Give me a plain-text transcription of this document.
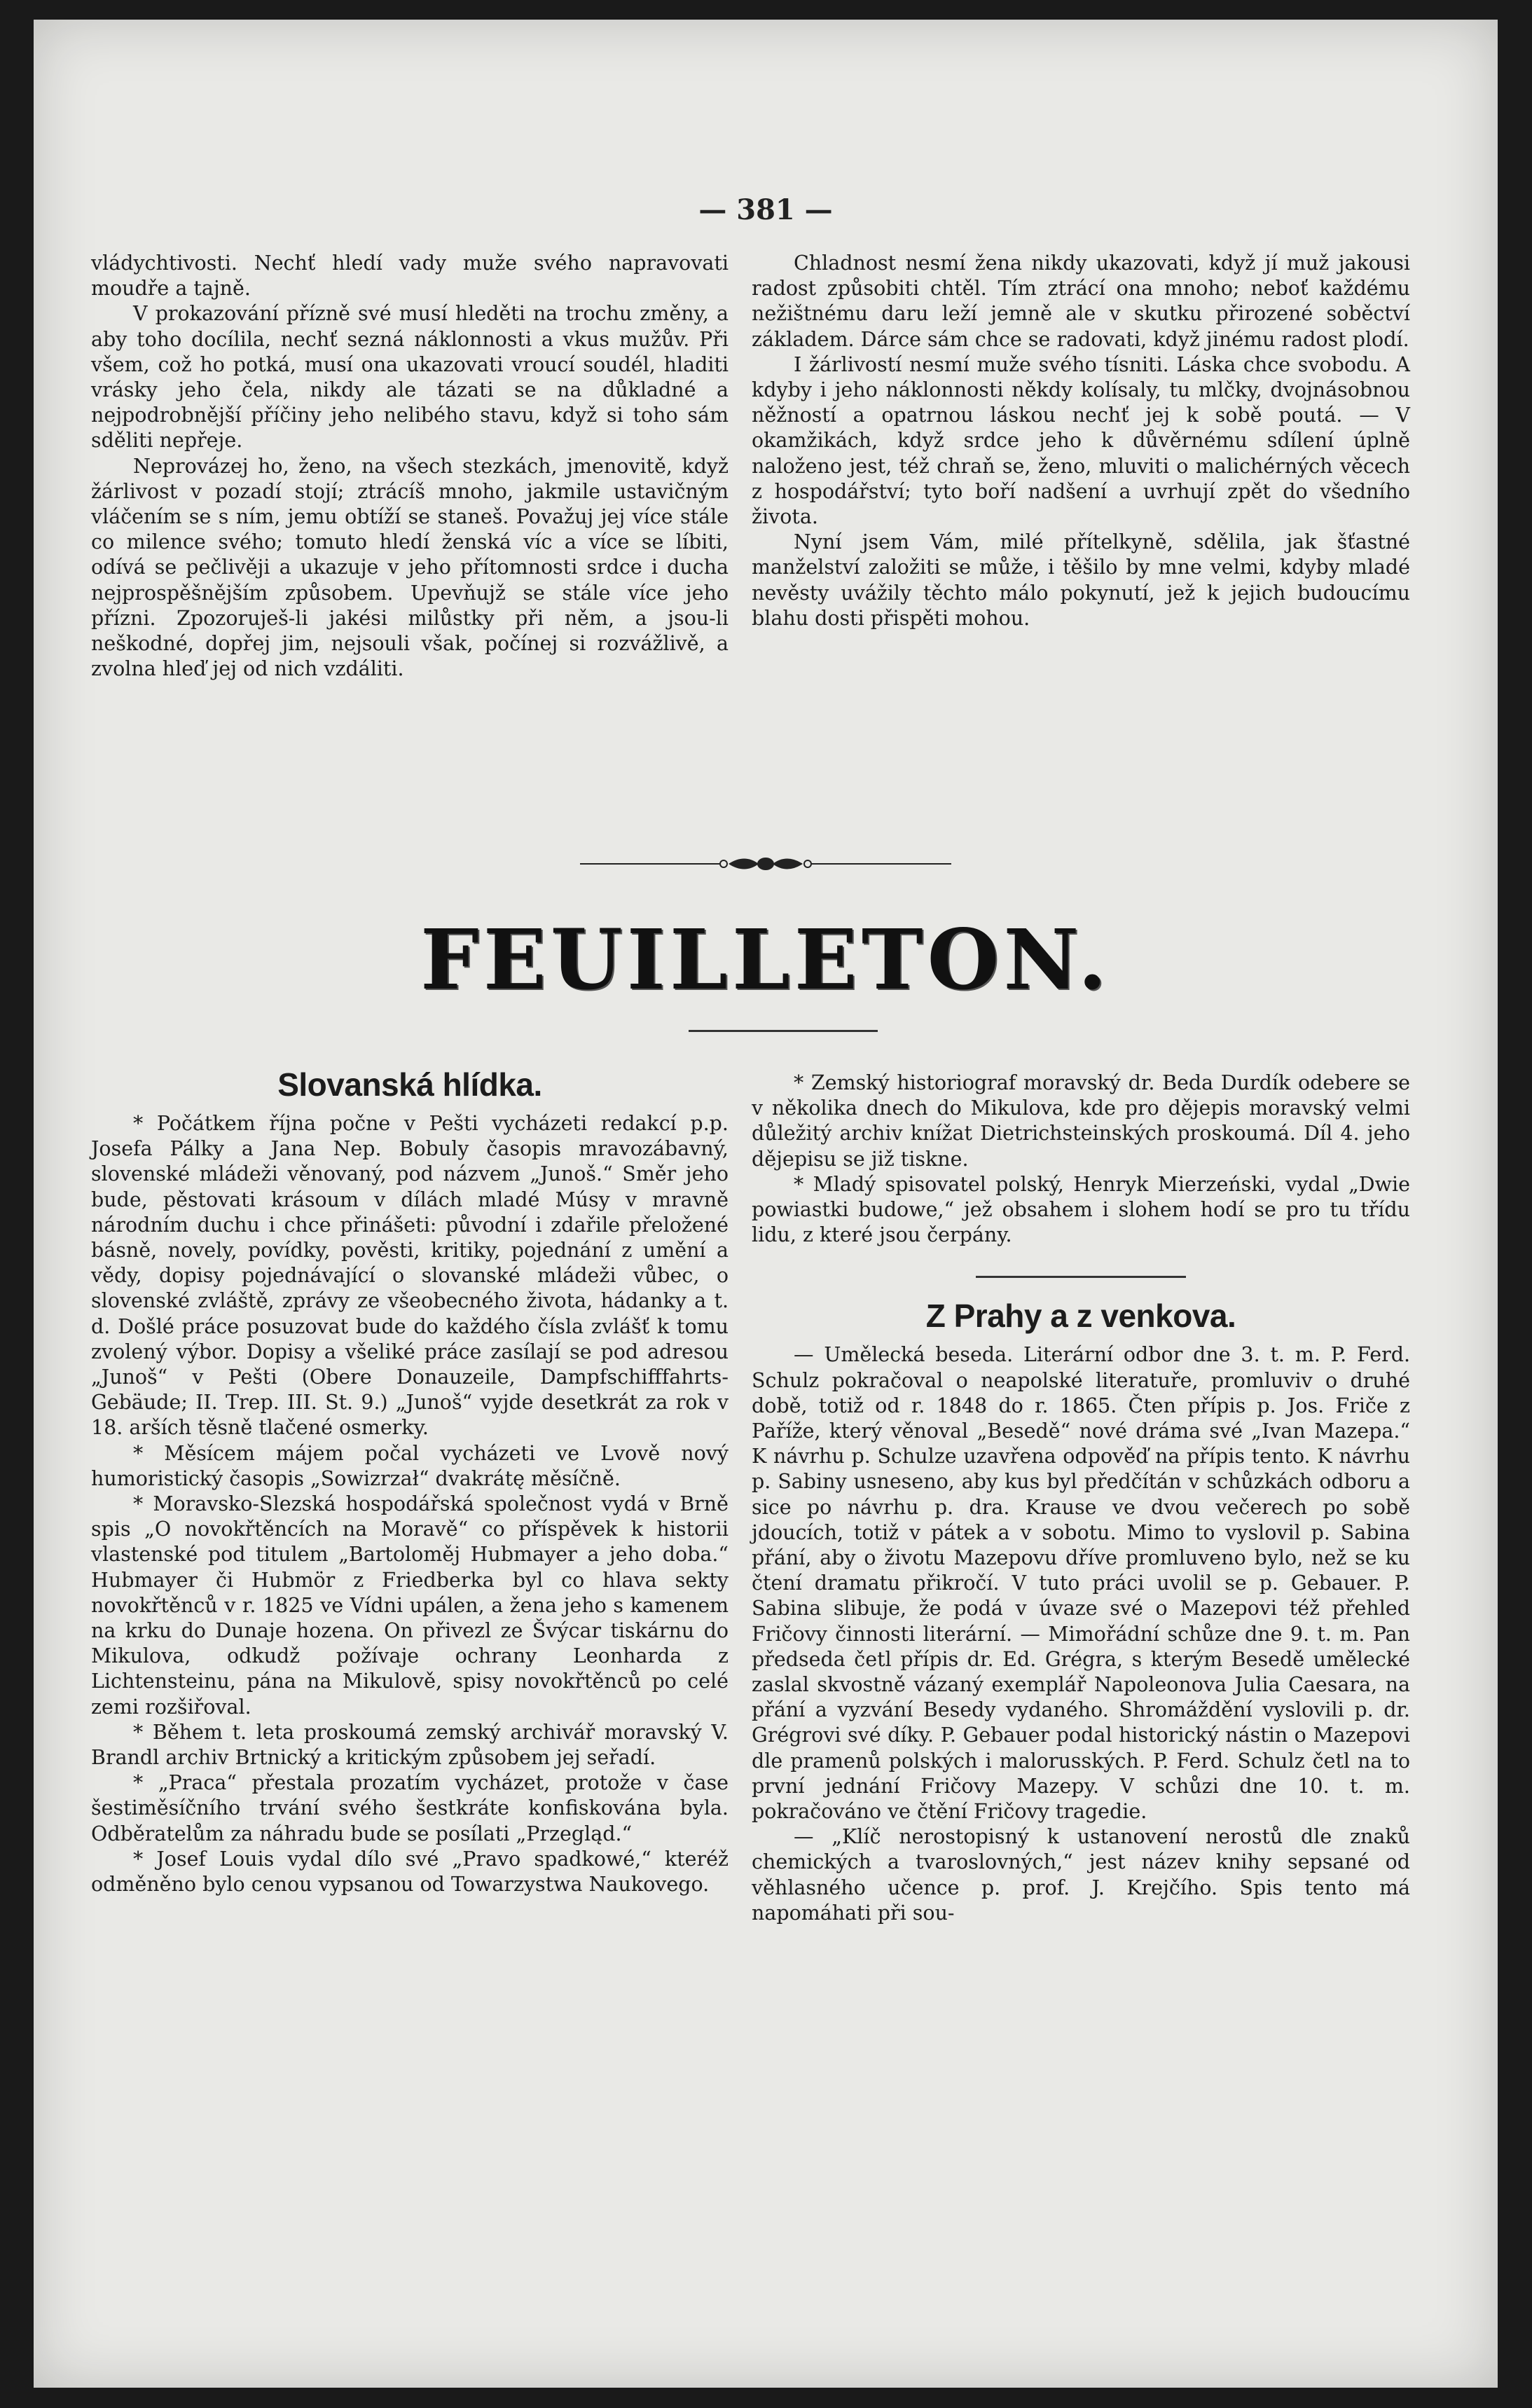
— 381 —

vládychtivosti. Nechť hledí vady muže svého napravovati moudře a tajně.

V prokazování přízně své musí hleděti na trochu změny, a aby toho docílila, nechť sezná náklonnosti a vkus mužův. Při všem, což ho potká, musí ona ukazovati vroucí soudél, hladiti vrásky jeho čela, nikdy ale tázati se na důkladné a nejpodrobnější příčiny jeho nelibého stavu, když si toho sám sděliti nepřeje.

Neprovázej ho, ženo, na všech stezkách, jmenovitě, když žárlivost v pozadí stojí; ztrácíš mnoho, jakmile ustavičným vláčením se s ním, jemu obtíží se staneš. Považuj jej více stále co milence svého; tomuto hledí ženská víc a více se líbiti, odívá se pečlivěji a ukazuje v jeho přítomnosti srdce i ducha nejprospěšnějším způsobem. Upevňujž se stále více jeho přízni. Zpozoruješ-li jakési milůstky při něm, a jsou-li neškodné, dopřej jim, nejsouli však, počínej si rozvážlivě, a zvolna hleď jej od nich vzdáliti.

Chladnost nesmí žena nikdy ukazovati, když jí muž jakousi radost způsobiti chtěl. Tím ztrácí ona mnoho; neboť každému nežištnému daru leží jemně ale v skutku přirozené soběctví základem. Dárce sám chce se radovati, když jinému radost plodí.

I žárlivostí nesmí muže svého tísniti. Láska chce svobodu. A kdyby i jeho náklonnosti někdy kolísaly, tu mlčky, dvojnásobnou něžností a opatrnou láskou nechť jej k sobě poutá. — V okamžikách, když srdce jeho k důvěrnému sdílení úplně naloženo jest, též chraň se, ženo, mluviti o malichérných věcech z hospodářství; tyto boří nadšení a uvrhují zpět do všedního života.

Nyní jsem Vám, milé přítelkyně, sdělila, jak šťastné manželství založiti se může, i těšilo by mne velmi, kdyby mladé nevěsty uvážily těchto málo pokynutí, jež k jejich budoucímu blahu dosti přispěti mohou.

FEUILLETON.
Slovanská hlídka.

* Počátkem října počne v Pešti vycházeti redakcí p.p. Josefa Pálky a Jana Nep. Bobuly časopis mravozábavný, slovenské mládeži věnovaný, pod názvem „Junoš.“ Směr jeho bude, pěstovati krásoum v dílách mladé Músy v mravně národním duchu i chce přinášeti: původní i zdařile přeložené básně, novely, povídky, pověsti, kritiky, pojednání z umění a vědy, dopisy pojednávající o slovanské mládeži vůbec, o slovenské zvláště, zprávy ze všeobecného života, hádanky a t. d. Došlé práce posuzovat bude do každého čísla zvlášť k tomu zvolený výbor. Dopisy a všeliké práce zasílají se pod adresou „Junoš“ v Pešti (Obere Donauzeile, Dampfschifffahrts-Gebäude; II. Trep. III. St. 9.) „Junoš“ vyjde desetkrát za rok v 18. arších těsně tlačené osmerky.

* Měsícem májem počal vycházeti ve Lvově nový humoristický časopis „Sowizrzał“ dvakrátę měsíčně.

* Moravsko-Slezská hospodářská společnost vydá v Brně spis „O novokřtěncích na Moravě“ co příspěvek k historii vlastenské pod titulem „Bartoloměj Hubmayer a jeho doba.“ Hubmayer či Hubmör z Friedberka byl co hlava sekty novokřtěnců v r. 1825 ve Vídni upálen, a žena jeho s kamenem na krku do Dunaje hozena. On přivezl ze Švýcar tiskárnu do Mikulova, odkudž požívaje ochrany Leonharda z Lichtensteinu, pána na Mikulově, spisy novokřtěnců po celé zemi rozšiřoval.

* Během t. leta proskoumá zemský archivář moravský V. Brandl archiv Brtnický a kritickým způsobem jej seřadí.

* „Praca“ přestala prozatím vycházet, protože v čase šestiměsíčního trvání svého šestkráte konfiskována byla. Odběratelům za náhradu bude se posílati „Przegląd.“

* Josef Louis vydal dílo své „Pravo spadkowé,“ kteréž odměněno bylo cenou vypsanou od Towarzystwa Naukovego.

* Zemský historiograf moravský dr. Beda Durdík odebere se v několika dnech do Mikulova, kde pro dějepis moravský velmi důležitý archiv knížat Dietrichsteinských proskoumá. Díl 4. jeho dějepisu se již tiskne.

* Mladý spisovatel polský, Henryk Mierzeński, vydal „Dwie powiastki budowe,“ jež obsahem i slohem hodí se pro tu třídu lidu, z které jsou čerpány.

Z Prahy a z venkova.

— Umělecká beseda. Literární odbor dne 3. t. m. P. Ferd. Schulz pokračoval o neapolské literatuře, promluviv o druhé době, totiž od r. 1848 do r. 1865. Čten přípis p. Jos. Friče z Paříže, který věnoval „Besedě“ nové dráma své „Ivan Mazepa.“ K návrhu p. Schulze uzavřena odpověď na přípis tento. K návrhu p. Sabiny usneseno, aby kus byl předčítán v schůzkách odboru a sice po návrhu p. dra. Krause ve dvou večerech po sobě jdoucích, totiž v pátek a v sobotu. Mimo to vyslovil p. Sabina přání, aby o životu Mazepovu dříve promluveno bylo, než se ku čtení dramatu přikročí. V tuto práci uvolil se p. Gebauer. P. Sabina slibuje, že podá v úvaze své o Mazepovi též přehled Fričovy činnosti literární. — Mimořádní schůze dne 9. t. m. Pan předseda četl přípis dr. Ed. Grégra, s kterým Besedě umělecké zaslal skvostně vázaný exemplář Napoleonova Julia Caesara, na přání a vyzvání Besedy vydaného. Shromáždění vyslovili p. dr. Grégrovi své díky. P. Gebauer podal historický nástin o Mazepovi dle pramenů polských i malorusských. P. Ferd. Schulz četl na to první jednání Fričovy Mazepy. V schůzi dne 10. t. m. pokračováno ve čtění Fričovy tragedie.

— „Klíč nerostopisný k ustanovení nerostů dle znaků chemických a tvaroslovných,“ jest název knihy sepsané od věhlasného učence p. prof. J. Krejčího. Spis tento má napomáhati při sou-
